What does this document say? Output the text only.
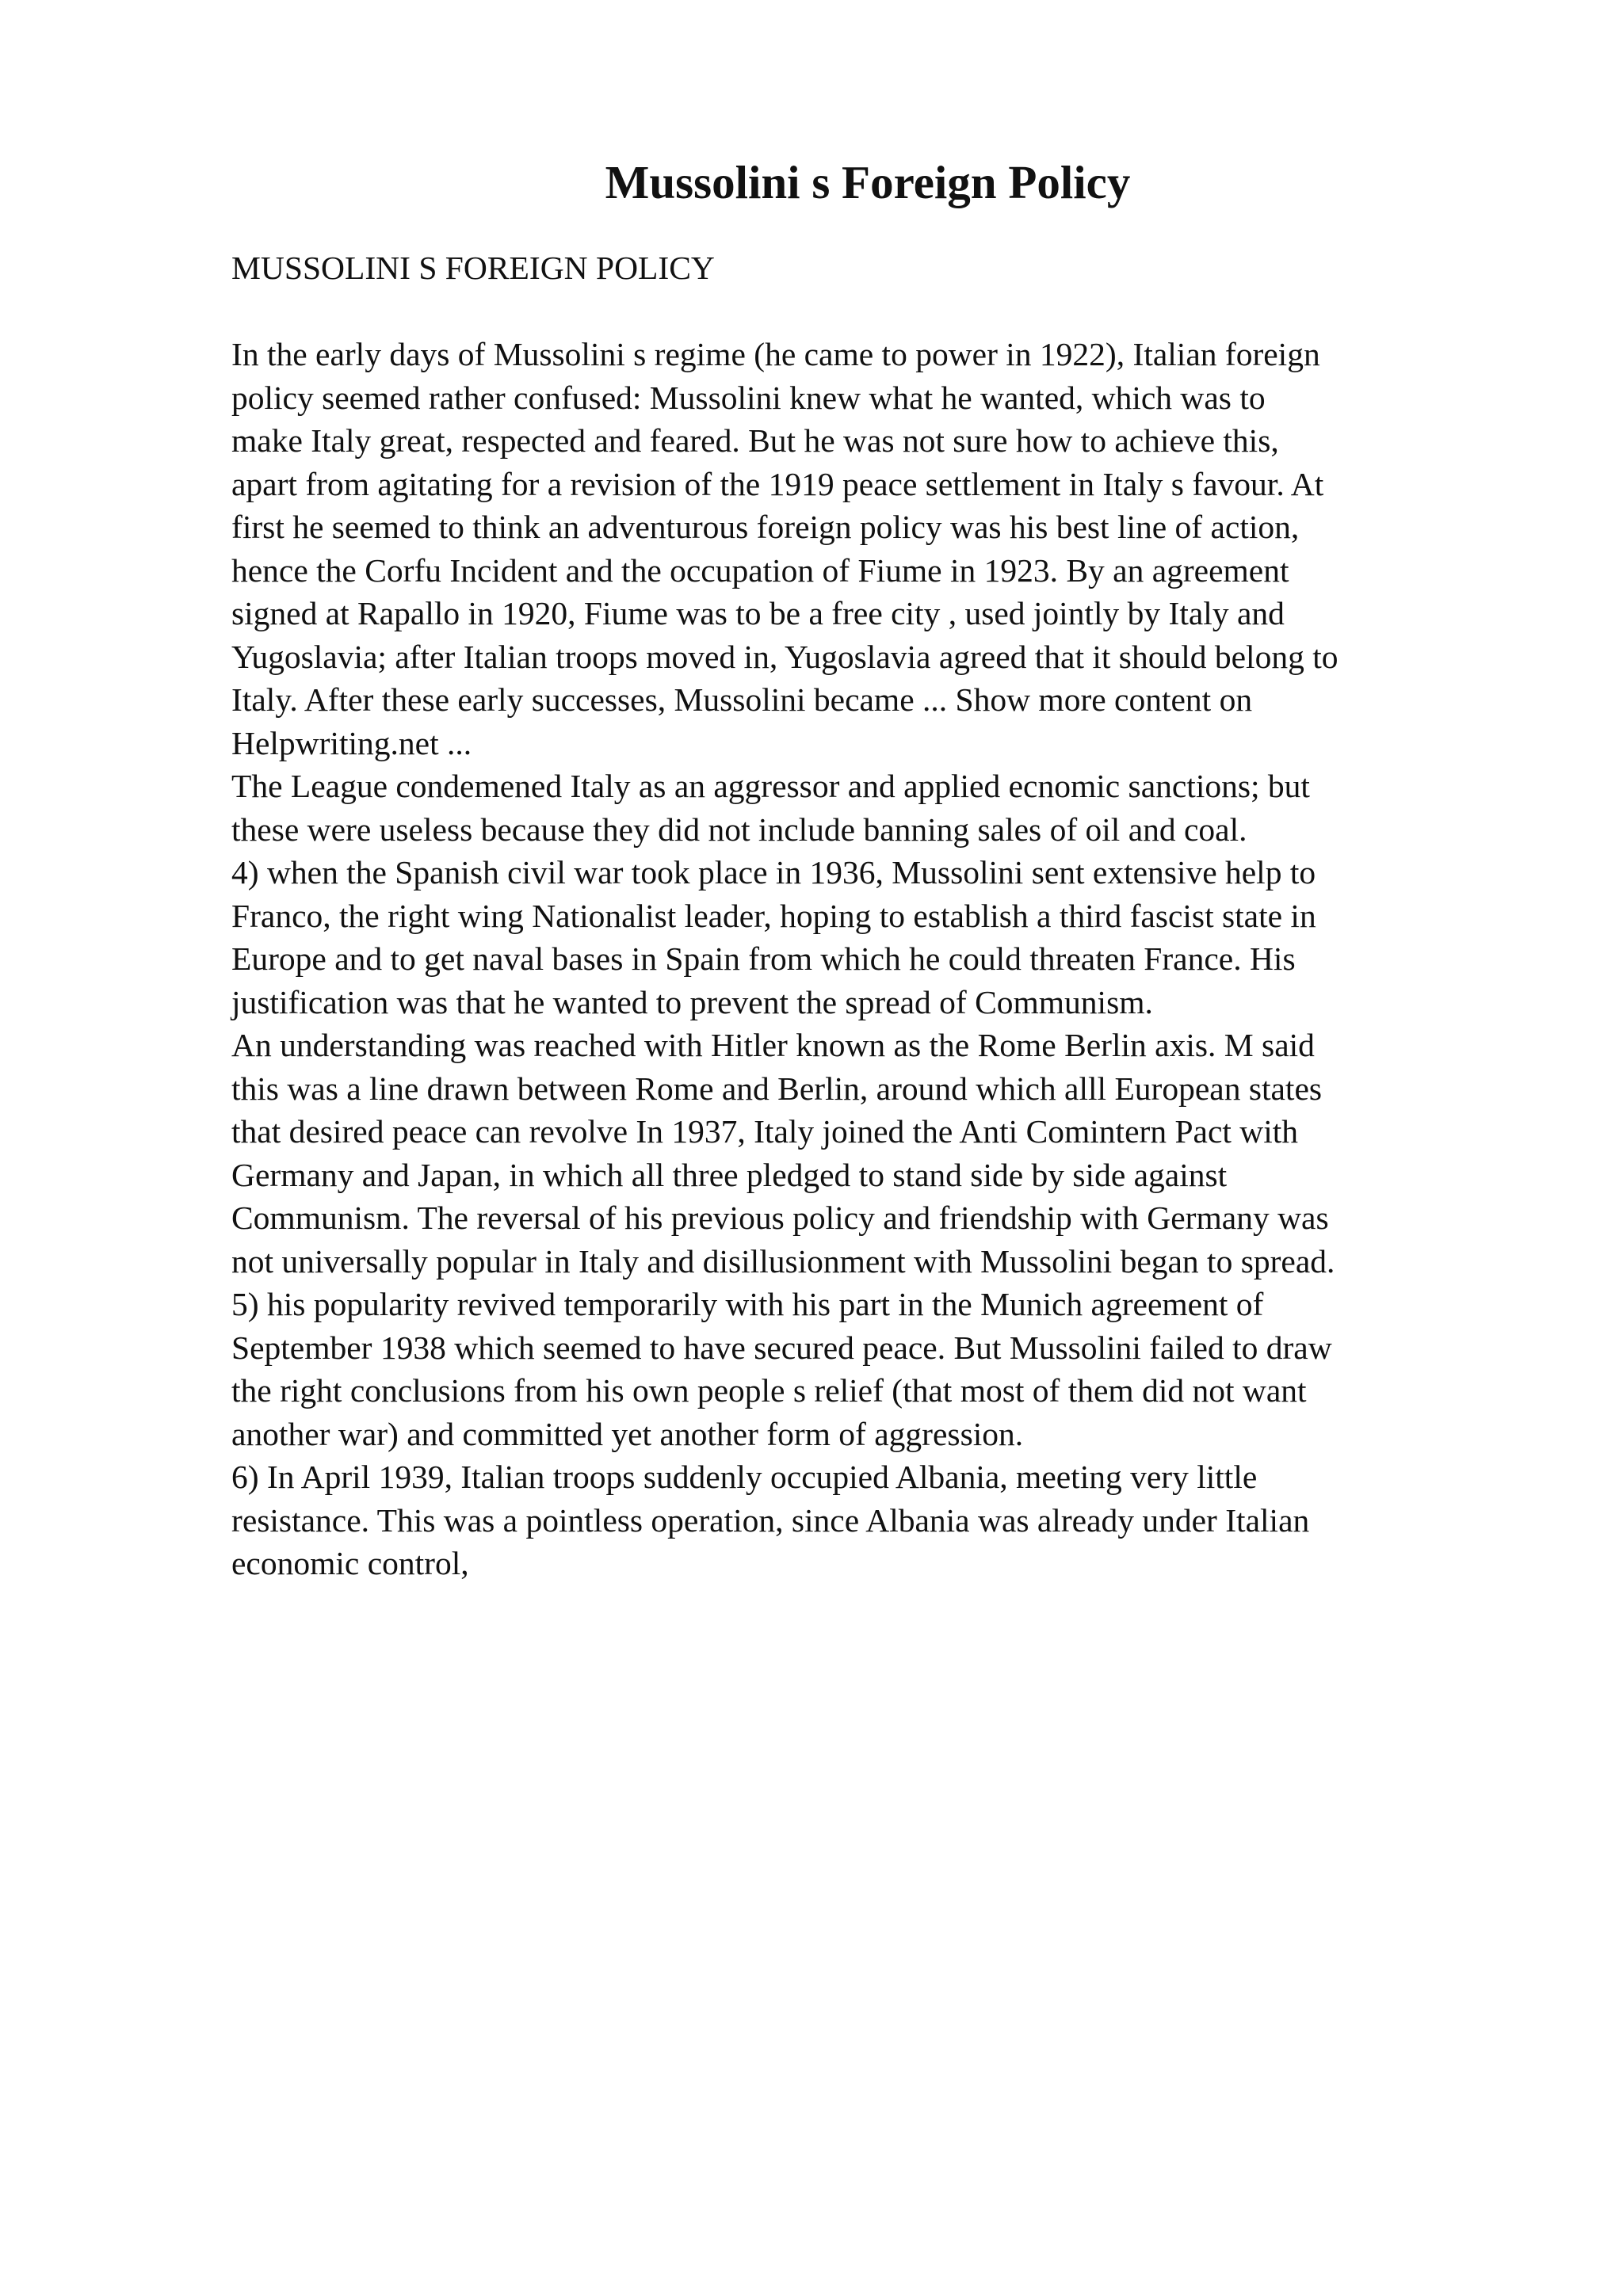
Mussolini s Foreign Policy

MUSSOLINI S FOREIGN POLICY

In the early days of Mussolini s regime (he came to power in 1922), Italian foreign
policy seemed rather confused: Mussolini knew what he wanted, which was to
make Italy great, respected and feared. But he was not sure how to achieve this,
apart from agitating for a revision of the 1919 peace settlement in Italy s favour. At
first he seemed to think an adventurous foreign policy was his best line of action,
hence the Corfu Incident and the occupation of Fiume in 1923. By an agreement
signed at Rapallo in 1920, Fiume was to be a free city , used jointly by Italy and
Yugoslavia; after Italian troops moved in, Yugoslavia agreed that it should belong to
Italy. After these early successes, Mussolini became ... Show more content on
Helpwriting.net ...
The League condemened Italy as an aggressor and applied ecnomic sanctions; but
these were useless because they did not include banning sales of oil and coal.
4) when the Spanish civil war took place in 1936, Mussolini sent extensive help to
Franco, the right wing Nationalist leader, hoping to establish a third fascist state in
Europe and to get naval bases in Spain from which he could threaten France. His
justification was that he wanted to prevent the spread of Communism.
An understanding was reached with Hitler known as the Rome Berlin axis. M said
this was a line drawn between Rome and Berlin, around which alll European states
that desired peace can revolve In 1937, Italy joined the Anti Comintern Pact with
Germany and Japan, in which all three pledged to stand side by side against
Communism. The reversal of his previous policy and friendship with Germany was
not universally popular in Italy and disillusionment with Mussolini began to spread.
5) his popularity revived temporarily with his part in the Munich agreement of
September 1938 which seemed to have secured peace. But Mussolini failed to draw
the right conclusions from his own people s relief (that most of them did not want
another war) and committed yet another form of aggression.
6) In April 1939, Italian troops suddenly occupied Albania, meeting very little
resistance. This was a pointless operation, since Albania was already under Italian
economic control,
